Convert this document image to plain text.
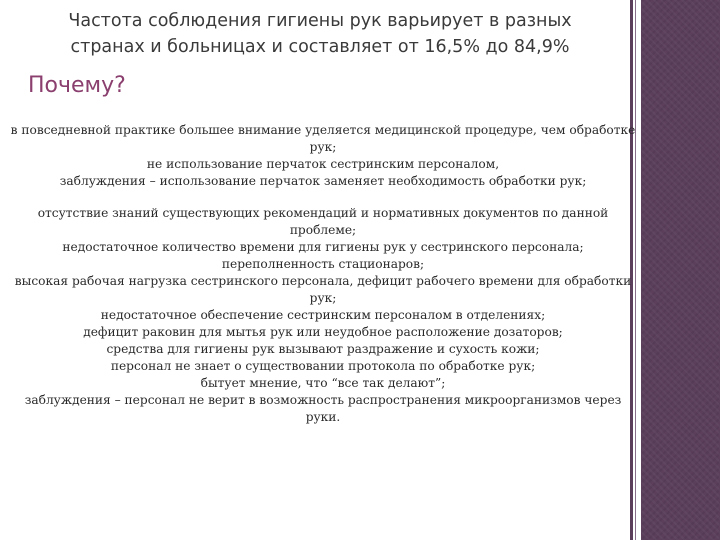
Частота соблюдения гигиены рук варьирует в разных
странах и больницах и составляет от 16,5% до 84,9%
Почему?

в повседневной практике большее внимание уделяется медицинской процедуре, чем обработке рук;

не использование перчаток сестринским персоналом,

заблуждения – использование перчаток заменяет необходимость обработки рук;

отсутствие знаний существующих рекомендаций и нормативных документов по данной проблеме;

недостаточное количество времени для гигиены рук у сестринского персонала;

переполненность стационаров;

высокая рабочая нагрузка сестринского персонала, дефицит рабочего времени для обработки рук;

недостаточное обеспечение сестринским персоналом в отделениях;

дефицит раковин для мытья рук или неудобное расположение дозаторов;

средства для гигиены рук вызывают раздражение и сухость кожи;

персонал не знает о существовании протокола по обработке рук;

бытует мнение, что “все так делают”;

заблуждения – персонал не верит в возможность распространения микроорганизмов через руки.
